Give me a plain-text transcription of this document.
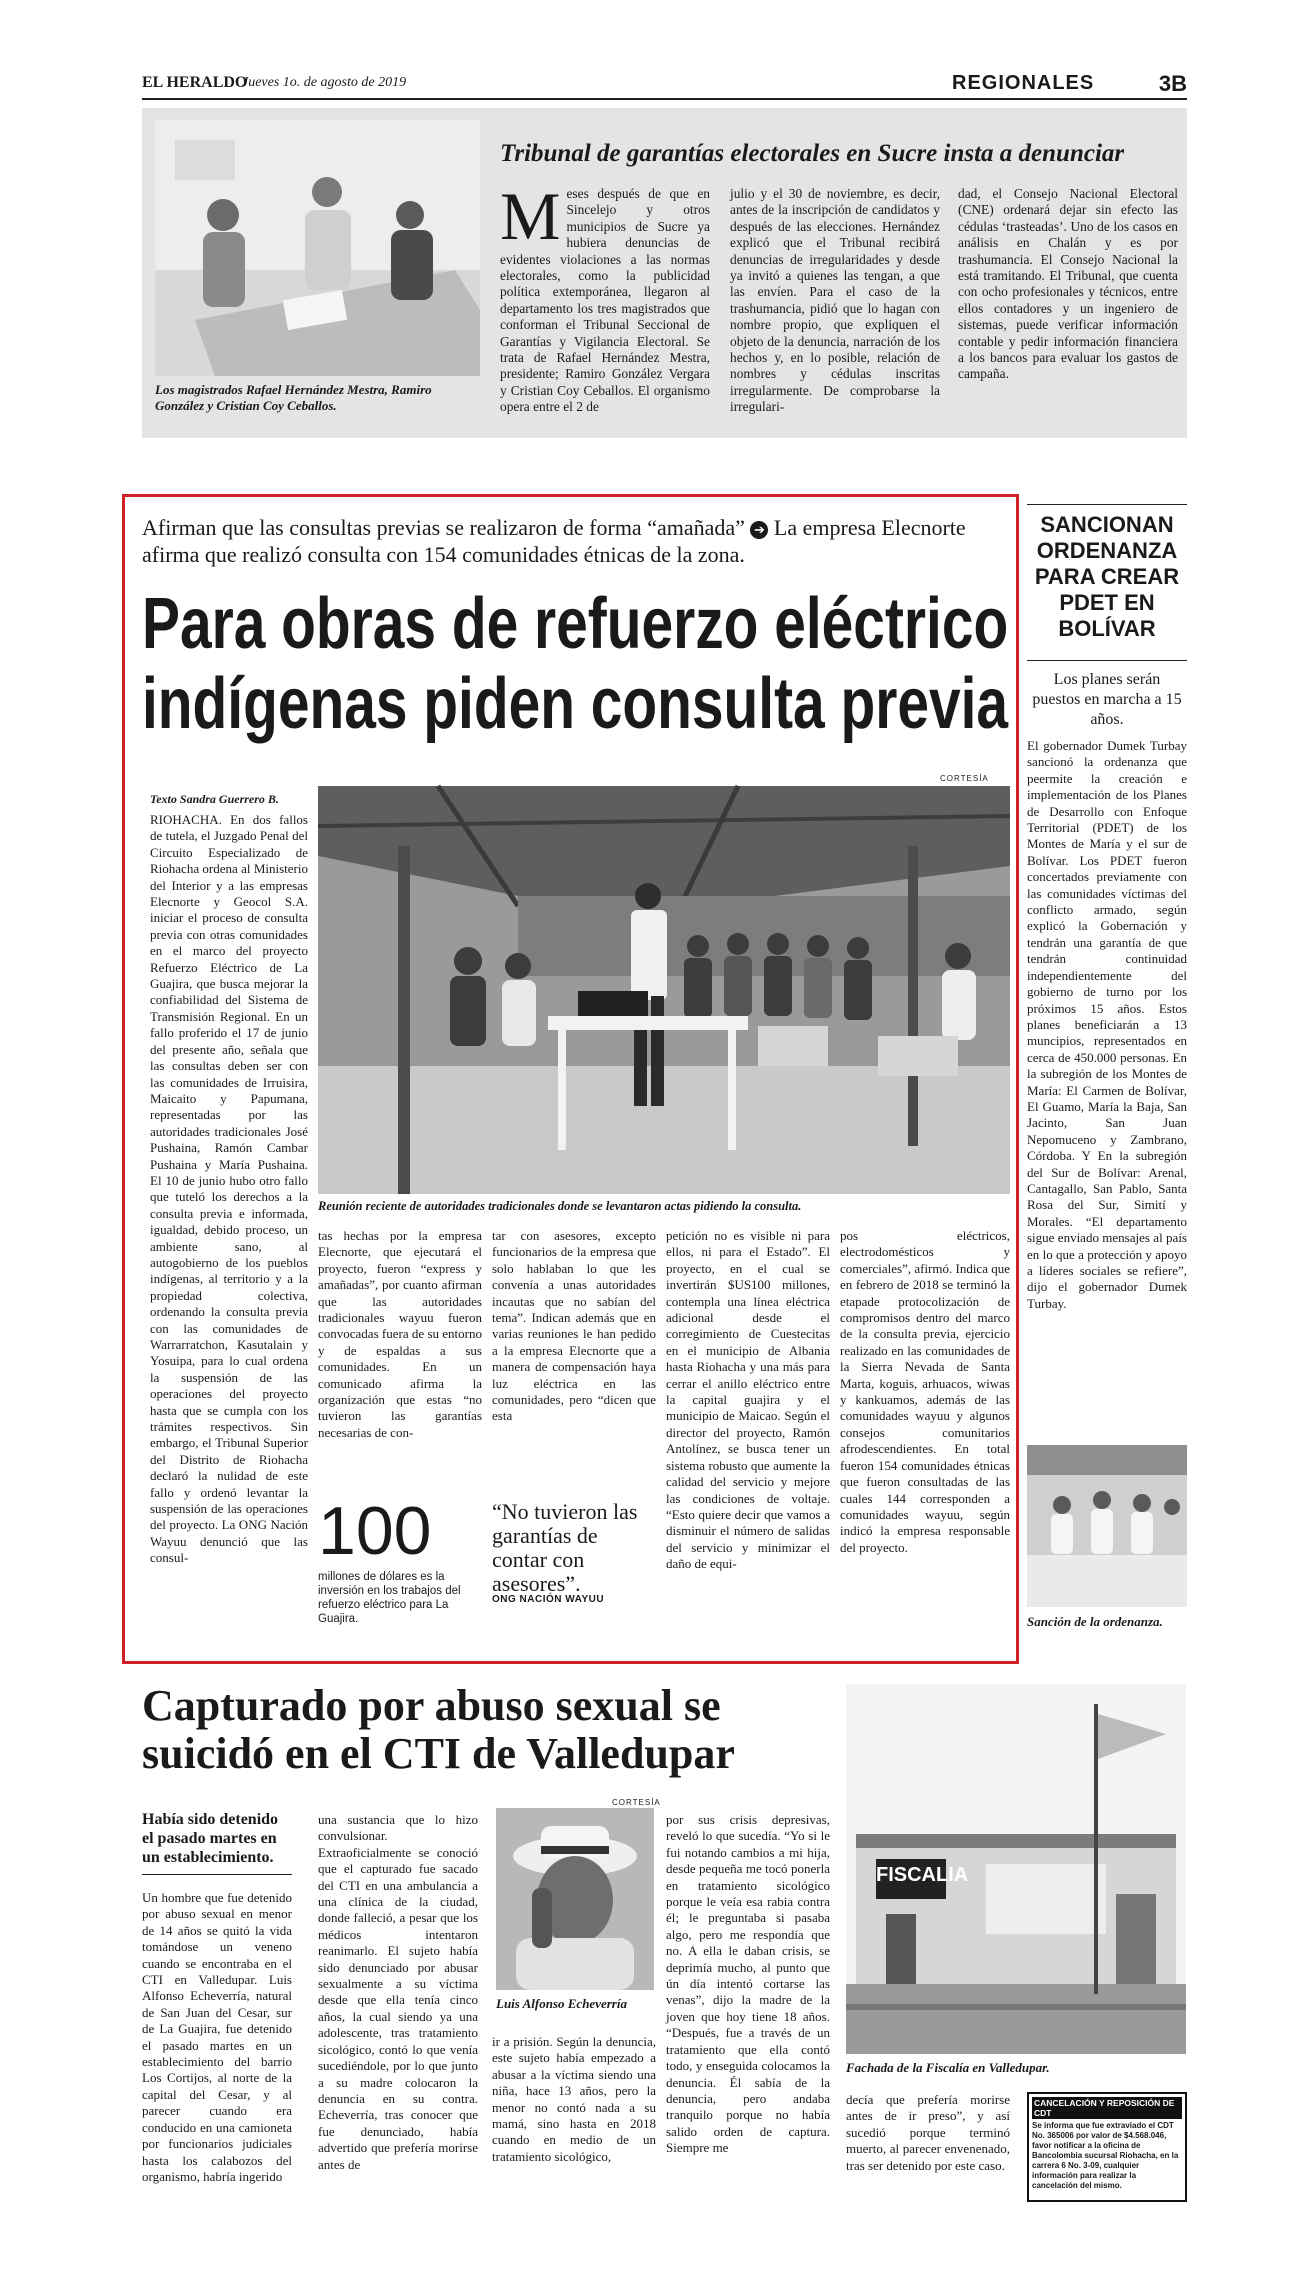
EL HERALDO
Jueves 1o. de agosto de 2019	REGIONALES	3B
Los magistrados Rafael Hernández Mestra, Ramiro González y Cristian Coy Ceballos.
Tribunal de garantías electorales en Sucre insta a denunciar
M eses después de que en Sincelejo y otros municipios de Sucre ya hubiera denuncias de evidentes violaciones a las normas electorales, como la publicidad política extemporánea, llegaron al departamento los tres magistrados que conforman el Tribunal Seccional de Garantías y Vigilancia Electoral. Se trata de Rafael Hernández Mestra, presidente; Ramiro González Vergara y Cristian Coy Ceballos. El organismo opera entre el 2 de

julio y el 30 de noviembre, es decir, antes de la inscripción de candidatos y después de las elecciones. Hernández explicó que el Tribunal recibirá denuncias de irregularidades y desde ya invitó a quienes las tengan, a que las envíen. Para el caso de la trashumancia, pidió que lo hagan con nombre propio, que expliquen el objeto de la denuncia, narración de los hechos y, en lo posible, relación de nombres y cédulas inscritas irregularmente. De comprobarse la irregulari-

dad, el Consejo Nacional Electoral (CNE) ordenará dejar sin efecto las cédulas ‘trasteadas’. Uno de los casos en análisis en Chalán y es por trashumancia. El Consejo Nacional la está tramitando. El Tribunal, que cuenta con ocho profesionales y técnicos, entre ellos contadores y un ingeniero de sistemas, puede verificar información contable y pedir información financiera a los bancos para evaluar los gastos de campaña.

Afirman que las consultas previas se realizaron de forma “amañada” ➔ La empresa Elecnorte afirma que realizó consulta con 154 comunidades étnicas de la zona.
Para obras de refuerzo eléctrico
indígenas piden consulta previa
CORTESÍA
Texto Sandra Guerrero B.
Reunión reciente de autoridades tradicionales donde se levantaron actas pidiendo la consulta.

RIOHACHA. En dos fallos de tutela, el Juzgado Penal del Circuito Especializado de Riohacha ordena al Ministerio del Interior y a las empresas Elecnorte y Geocol S.A. iniciar el proceso de consulta previa con otras comunidades en el marco del proyecto Refuerzo Eléctrico de La Guajira, que busca mejorar la confiabilidad del Sistema de Transmisión Regional. En un fallo proferido el 17 de junio del presente año, señala que las consultas deben ser con las comunidades de Irruisira, Maicaito y Papumana, representadas por las autoridades tradicionales José Pushaina, Ramón Cambar Pushaina y María Pushaina. El 10 de junio hubo otro fallo que tuteló los derechos a la consulta previa e informada, igualdad, debido proceso, un ambiente sano, al autogobierno de los pueblos indígenas, al territorio y a la propiedad colectiva, ordenando la consulta previa con las comunidades de Warrarratchon, Kasutalain y Yosuipa, para lo cual ordena la suspensión de las operaciones del proyecto hasta que se cumpla con los trámites respectivos. Sin embargo, el Tribunal Superior del Distrito de Riohacha declaró la nulidad de este fallo y ordenó levantar la suspensión de las operaciones del proyecto. La ONG Nación Wayuu denunció que las consul-

tas hechas por la empresa Elecnorte, que ejecutará el proyecto, fueron “express y amañadas”, por cuanto afirman que las autoridades tradicionales wayuu fueron convocadas fuera de su entorno y de espaldas a sus comunidades. En un comunicado afirma la organización que estas “no tuvieron las garantías necesarias de con-

tar con asesores, excepto funcionarios de la empresa que solo hablaban lo que les convenía a unas autoridades incautas que no sabían del tema”. Indican además que en varias reuniones le han pedido a la empresa Elecnorte que a manera de compensación haya luz eléctrica en las comunidades, pero “dicen que esta

petición no es visible ni para ellos, ni para el Estado”. El proyecto, en el cual se invertirán $US100 millones, contempla una línea eléctrica adicional desde el corregimiento de Cuestecitas en el municipio de Albania hasta Riohacha y una más para cerrar el anillo eléctrico entre la capital guajira y el municipio de Maicao. Según el director del proyecto, Ramón Antolínez, se busca tener un sistema robusto que aumente la calidad del servicio y mejore las condiciones de voltaje. “Esto quiere decir que vamos a disminuir el número de salidas del servicio y minimizar el daño de equi-

pos eléctricos, electrodomésticos y comerciales”, afirmó. Indica que en febrero de 2018 se terminó la etapade protocolización de compromisos dentro del marco de la consulta previa, ejercicio realizado en las comunidades de la Sierra Nevada de Santa Marta, koguis, arhuacos, wiwas y kankuamos, además de las comunidades wayuu y algunos consejos comunitarios afrodescendientes. En total fueron 154 comunidades étnicas que fueron consultadas de las cuales 144 corresponden a comunidades wayuu, según indicó la empresa responsable del proyecto.

100
millones de dólares es la inversión en los trabajos del refuerzo eléctrico para La Guajira.
“No tuvieron las garantías de contar con asesores”.
ONG NACIÓN WAYUU
SANCIONAN ORDENANZA PARA CREAR PDET EN BOLÍVAR
Los planes serán puestos en marcha a 15 años.

El gobernador Dumek Turbay sancionó la ordenanza que peermite la creación e implementación de los Planes de Desarrollo con Enfoque Territorial (PDET) de los Montes de María y el sur de Bolívar. Los PDET fueron concertados previamente con las comunidades víctimas del conflicto armado, según explicó la Gobernación y tendrán una garantía de que tendrán continuidad independientemente del gobierno de turno por los próximos 15 años. Estos planes beneficiarán a 13 muncipios, representados en cerca de 450.000 personas. En la subregión de los Montes de María: El Carmen de Bolívar, El Guamo, María la Baja, San Jacinto, San Juan Nepomuceno y Zambrano, Córdoba. Y En la subregión del Sur de Bolívar: Arenal, Cantagallo, San Pablo, Santa Rosa del Sur, Simití y Morales. “El departamento sigue enviado mensajes al país en lo que a protección y apoyo a líderes sociales se refiere”, dijo el gobernador Dumek Turbay.

Sanción de la ordenanza.
Capturado por abuso sexual se
suicidó en el CTI de Valledupar
Había sido detenido el pasado martes en un establecimiento.

Un hombre que fue detenido por abuso sexual en menor de 14 años se quitó la vida tomándose un veneno cuando se encontraba en el CTI en Valledupar. Luis Alfonso Echeverría, natural de San Juan del Cesar, sur de La Guajira, fue detenido el pasado martes en un establecimiento del barrio Los Cortijos, al norte de la capital del Cesar, y al parecer cuando era conducido en una camioneta por funcionarios judiciales hasta los calabozos del organismo, habría ingerido

una sustancia que lo hizo convulsionar. Extraoficialmente se conoció que el capturado fue sacado del CTI en una ambulancia a una clínica de la ciudad, donde falleció, a pesar que los médicos intentaron reanimarlo. El sujeto había sido denunciado por abusar sexualmente a su víctima desde que ella tenía cinco años, la cual siendo ya una adolescente, tras tratamiento sicológico, contó lo que venía sucediéndole, por lo que junto a su madre colocaron la denuncia en su contra. Echeverría, tras conocer que fue denunciado, había advertido que prefería morirse antes de

CORTESÍA
Luis Alfonso Echeverría

ir a prisión. Según la denuncia, este sujeto había empezado a abusar a la víctima siendo una niña, hace 13 años, pero la menor no contó nada a su mamá, sino hasta en 2018 cuando en medio de un tratamiento sicológico,

por sus crisis depresivas, reveló lo que sucedía. “Yo si le fui notando cambios a mi hija, desde pequeña me tocó ponerla en tratamiento sicológico porque le veía esa rabia contra él; le preguntaba si pasaba algo, pero me respondía que no. A ella le daban crisis, se deprimía mucho, al punto que ún día intentó cortarse las venas”, dijo la madre de la joven que hoy tiene 18 años. “Después, fue a través de un tratamiento que ella contó todo, y enseguida colocamos la denuncia. Él sabía de la denuncia, pero andaba tranquilo porque no había salido orden de captura. Siempre me

FISCALIA
Fachada de la Fiscalía en Valledupar.

decía que prefería morirse antes de ir preso”, y así sucedió porque terminó muerto, al parecer envenenado, tras ser detenido por este caso.

CANCELACIÓN Y REPOSICIÓN DE CDT
Se informa que fue extraviado el CDT No. 365006 por valor de $4.568.046, favor notificar a la oficina de Bancolombia sucursal Riohacha, en la carrera 6 No. 3-09, cualquier información para realizar la cancelación del mismo.
